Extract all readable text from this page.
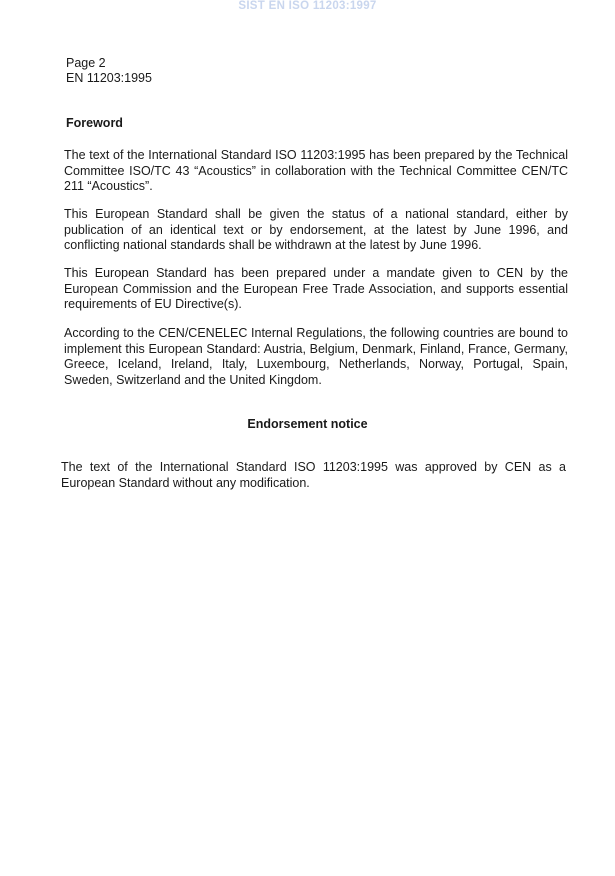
SIST EN ISO 11203:1997
Page 2
EN 11203:1995
Foreword
The text of the International Standard ISO 11203:1995 has been prepared by the Technical Committee ISO/TC 43 “Acoustics” in collaboration with the Technical Committee CEN/TC 211 “Acoustics”.
This European Standard shall be given the status of a national standard, either by publication of an identical text or by endorsement, at the latest by June 1996, and conflicting national standards shall be withdrawn at the latest by June 1996.
This European Standard has been prepared under a mandate given to CEN by the European Commission and the European Free Trade Association, and supports essential requirements of EU Directive(s).
According to the CEN/CENELEC Internal Regulations, the following countries are bound to implement this European Standard: Austria, Belgium, Denmark, Finland, France, Germany, Greece, Iceland, Ireland, Italy, Luxembourg, Netherlands, Norway, Portugal, Spain, Sweden, Switzerland and the United Kingdom.
Endorsement notice
The text of the International Standard ISO 11203:1995 was approved by CEN as a European Standard without any modification.
